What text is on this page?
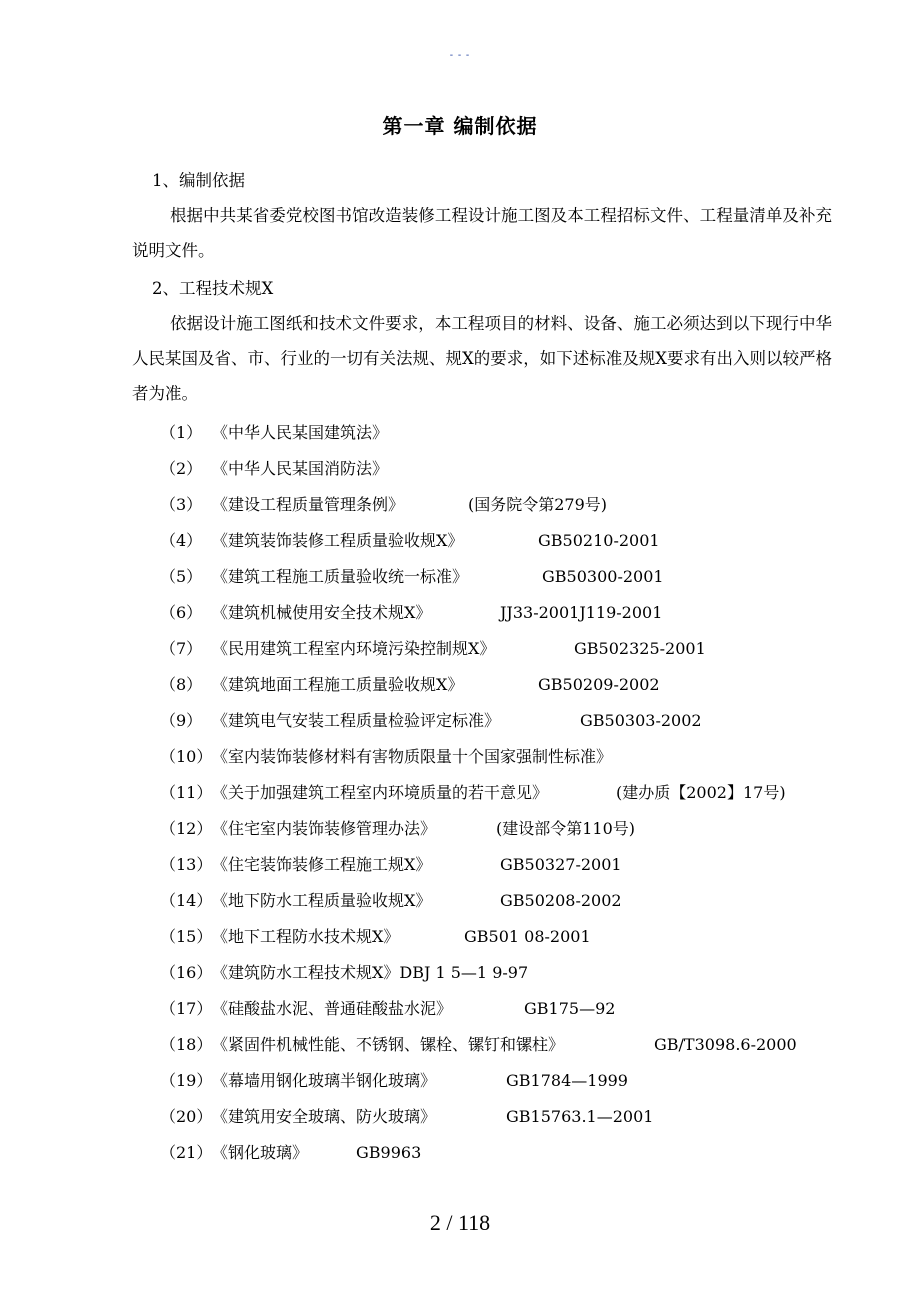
- - -
第一章 编制依据
1、编制依据
根据中共某省委党校图书馆改造装修工程设计施工图及本工程招标文件、工程量清单及补充说明文件。
2、工程技术规X
依据设计施工图纸和技术文件要求，本工程项目的材料、设备、施工必须达到以下现行中华人民某国及省、市、行业的一切有关法规、规X的要求，如下述标准及规X要求有出入则以较严格者为准。
（1） 《中华人民某国建筑法》
（2） 《中华人民某国消防法》
（3） 《建设工程质量管理条例》	(国务院令第279号)
（4） 《建筑装饰装修工程质量验收规X》	GB50210-2001
（5） 《建筑工程施工质量验收统一标准》	GB50300-2001
（6） 《建筑机械使用安全技术规X》	JJ33-2001J119-2001
（7） 《民用建筑工程室内环境污染控制规X》	GB502325-2001
（8） 《建筑地面工程施工质量验收规X》	GB50209-2002
（9） 《建筑电气安装工程质量检验评定标准》	GB50303-2002
（10）《室内装饰装修材料有害物质限量十个国家强制性标准》
（11）《关于加强建筑工程室内环境质量的若干意见》	(建办质【2002】17号)
（12）《住宅室内装饰装修管理办法》	(建设部令第110号)
（13）《住宅装饰装修工程施工规X》	GB50327-2001
（14）《地下防水工程质量验收规X》	GB50208-2002
（15）《地下工程防水技术规X》	GB501 08-2001
（16）《建筑防水工程技术规X》DBJ 1 5—1 9-97
（17）《硅酸盐水泥、普通硅酸盐水泥》	GB175—92
（18）《紧固件机械性能、不锈钢、镙栓、镙钉和镙柱》	GB/T3098.6-2000
（19）《幕墙用钢化玻璃半钢化玻璃》	GB1784—1999
（20）《建筑用安全玻璃、防火玻璃》	GB15763.1—2001
（21）《钢化玻璃》	GB9963
2 / 118
